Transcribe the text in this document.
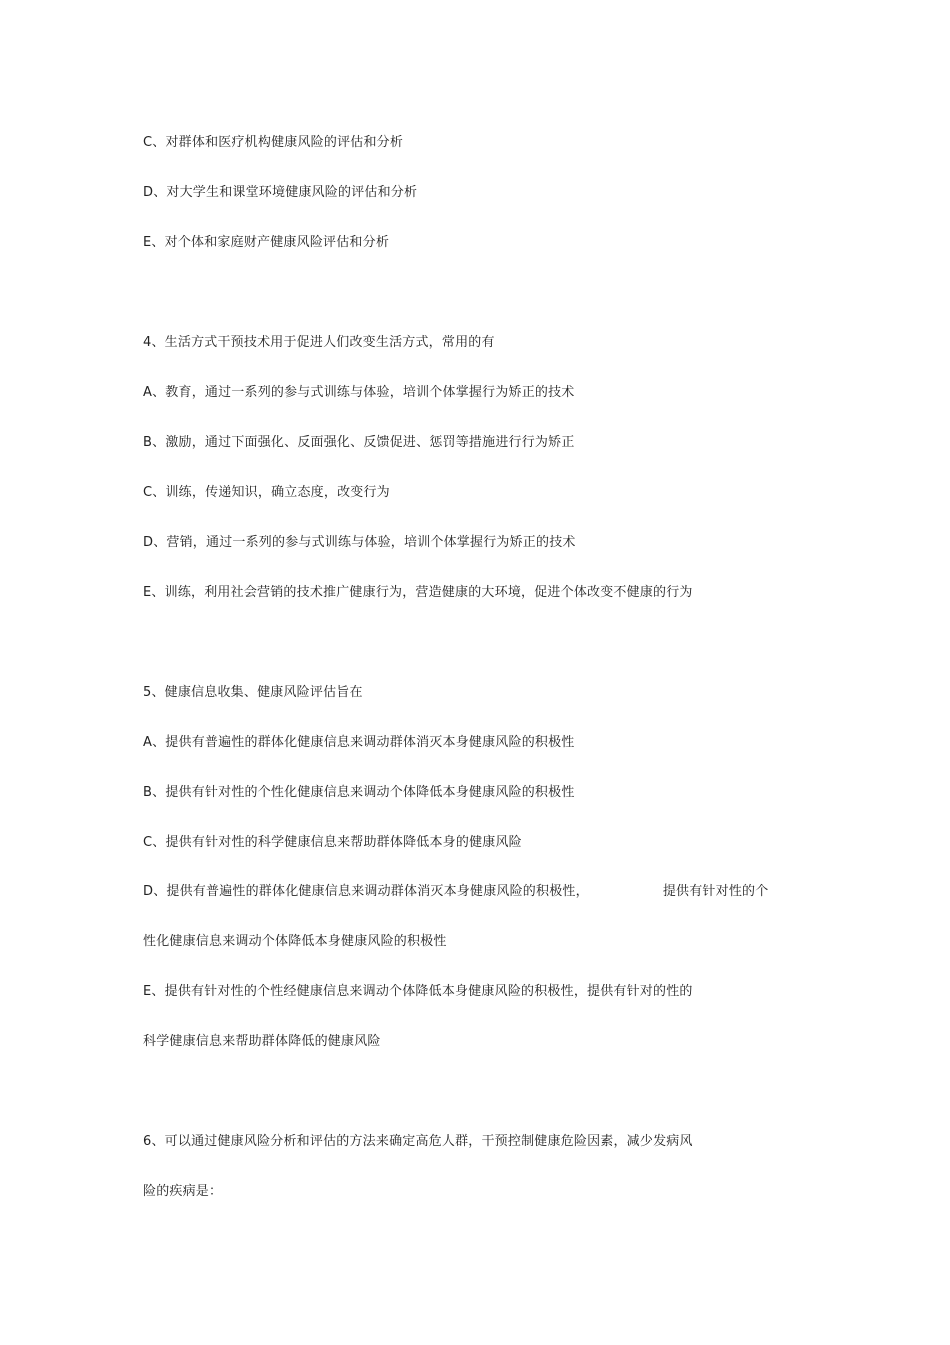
C、对群体和医疗机构健康风险的评估和分析
D、对大学生和课堂环境健康风险的评估和分析
E、对个体和家庭财产健康风险评估和分析
4、生活方式干预技术用于促进人们改变生活方式，常用的有
A、教育，通过一系列的参与式训练与体验，培训个体掌握行为矫正的技术
B、激励，通过下面强化、反面强化、反馈促进、惩罚等措施进行行为矫正
C、训练，传递知识，确立态度，改变行为
D、营销，通过一系列的参与式训练与体验，培训个体掌握行为矫正的技术
E、训练，利用社会营销的技术推广健康行为，营造健康的大环境，促进个体改变不健康的行为
5、健康信息收集、健康风险评估旨在
A、提供有普遍性的群体化健康信息来调动群体消灭本身健康风险的积极性
B、提供有针对性的个性化健康信息来调动个体降低本身健康风险的积极性
C、提供有针对性的科学健康信息来帮助群体降低本身的健康风险
D、提供有普遍性的群体化健康信息来调动群体消灭本身健康风险的积极性，	提供有针对性的个
性化健康信息来调动个体降低本身健康风险的积极性
E、提供有针对性的个性经健康信息来调动个体降低本身健康风险的积极性，提供有针对的性的
科学健康信息来帮助群体降低的健康风险
6、可以通过健康风险分析和评估的方法来确定高危人群，干预控制健康危险因素，减少发病风
险的疾病是：
